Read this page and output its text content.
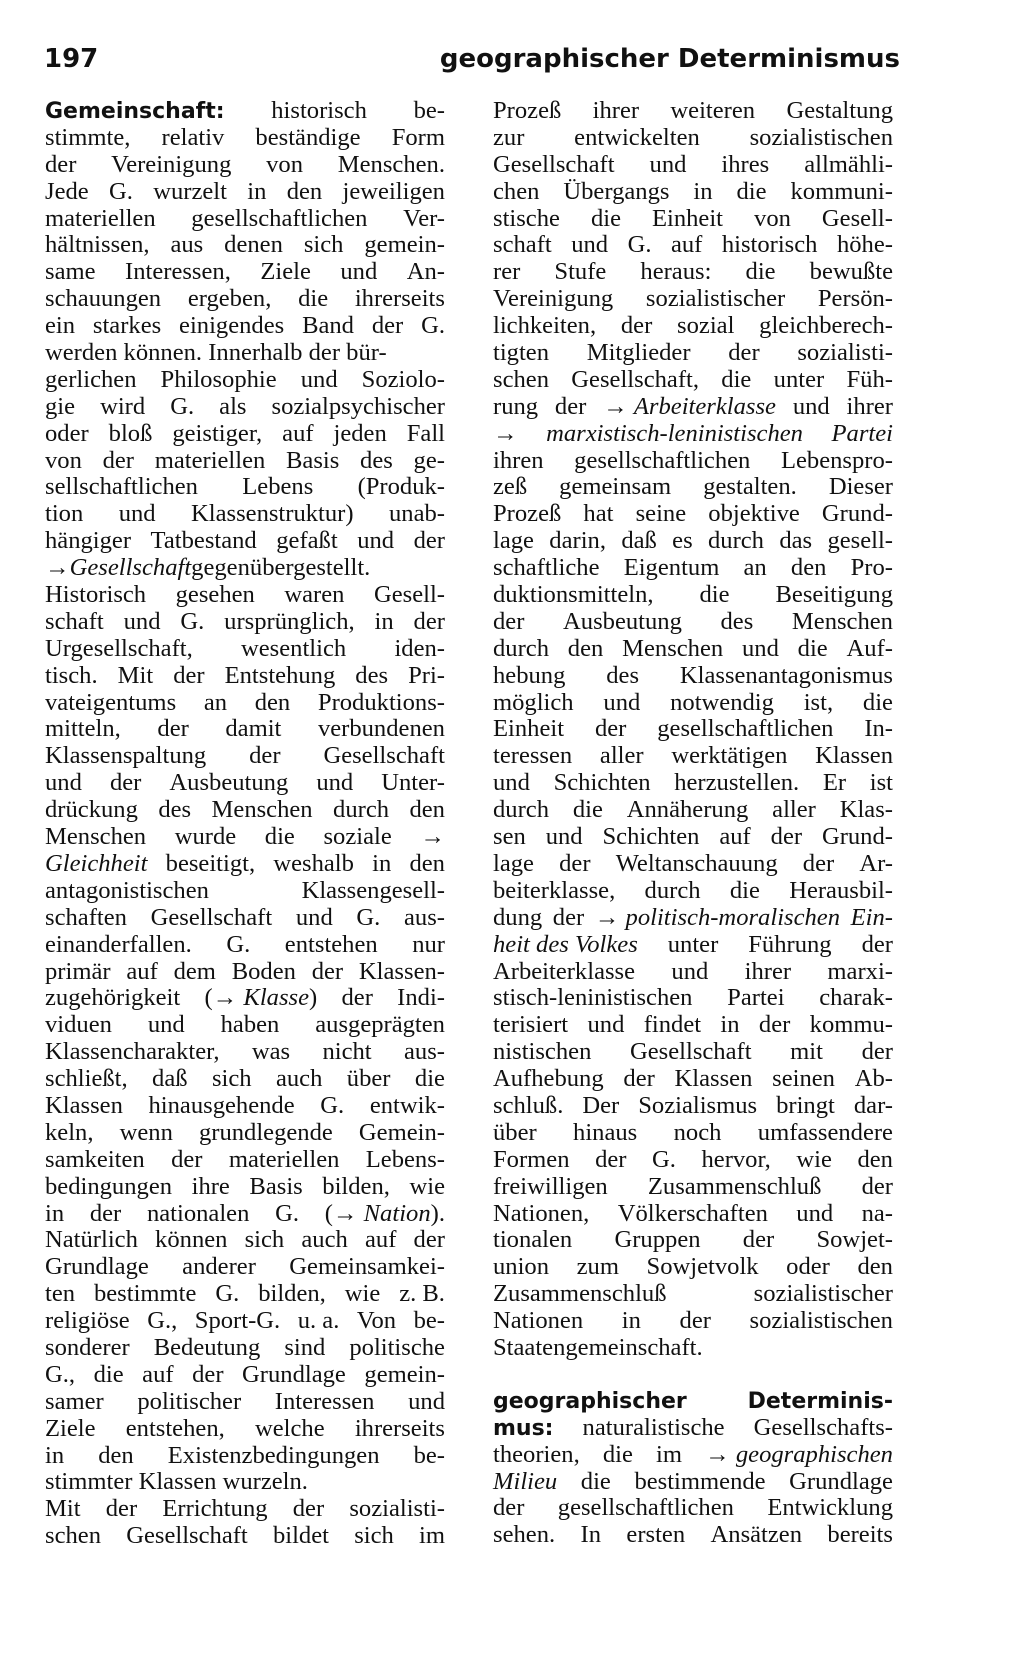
197	geographischer Determinismus
Gemeinschaft: historisch be-
stimmte, relativ beständige Form
der Vereinigung von Menschen.
Jede G. wurzelt in den jeweiligen
materiellen gesellschaftlichen Ver-
hältnissen, aus denen sich gemein-
same Interessen, Ziele und An-
schauungen ergeben, die ihrerseits
ein starkes einigendes Band der G.
werden können. Innerhalb der bür-
gerlichen Philosophie und Soziolo-
gie wird G. als sozialpsychischer
oder bloß geistiger, auf jeden Fall
von der materiellen Basis des ge-
sellschaftlichen Lebens (Produk-
tion und Klassenstruktur) unab-
hängiger Tatbestand gefaßt und der
→ Gesellschaft gegenübergestellt.
Historisch gesehen waren Gesell-
schaft und G. ursprünglich, in der
Urgesellschaft, wesentlich iden-
tisch. Mit der Entstehung des Pri-
vateigentums an den Produktions-
mitteln, der damit verbundenen
Klassenspaltung der Gesellschaft
und der Ausbeutung und Unter-
drückung des Menschen durch den
Menschen wurde die soziale →
Gleichheit beseitigt, weshalb in den
antagonistischen	Klassengesell-
schaften Gesellschaft und G. aus-
einanderfallen. G. entstehen nur
primär auf dem Boden der Klassen-
zugehörigkeit (→ Klasse) der Indi-
viduen und haben ausgeprägten
Klassencharakter, was nicht aus-
schließt, daß sich auch über die
Klassen hinausgehende G. entwik-
keln, wenn grundlegende Gemein-
samkeiten der materiellen Lebens-
bedingungen ihre Basis bilden, wie
in der nationalen G. (→ Nation).
Natürlich können sich auch auf der
Grundlage anderer Gemeinsamkei-
ten bestimmte G. bilden, wie z. B.
religiöse G., Sport-G. u. a. Von be-
sonderer Bedeutung sind politische
G., die auf der Grundlage gemein-
samer politischer Interessen und
Ziele entstehen, welche ihrerseits
in den Existenzbedingungen be-
stimmter Klassen wurzeln.
Mit der Errichtung der sozialisti-
schen Gesellschaft bildet sich im
Prozeß ihrer weiteren Gestaltung
zur entwickelten sozialistischen
Gesellschaft und ihres allmähli-
chen Übergangs in die kommuni-
stische die Einheit von Gesell-
schaft und G. auf historisch höhe-
rer Stufe heraus: die bewußte
Vereinigung sozialistischer Persön-
lichkeiten, der sozial gleichberech-
tigten Mitglieder der sozialisti-
schen Gesellschaft, die unter Füh-
rung der → Arbeiterklasse und ihrer
→ marxistisch-leninistischen Partei
ihren gesellschaftlichen Lebenspro-
zeß gemeinsam gestalten. Dieser
Prozeß hat seine objektive Grund-
lage darin, daß es durch das gesell-
schaftliche Eigentum an den Pro-
duktionsmitteln, die Beseitigung
der Ausbeutung des Menschen
durch den Menschen und die Auf-
hebung des Klassenantagonismus
möglich und notwendig ist, die
Einheit der gesellschaftlichen In-
teressen aller werktätigen Klassen
und Schichten herzustellen. Er ist
durch die Annäherung aller Klas-
sen und Schichten auf der Grund-
lage der Weltanschauung der Ar-
beiterklasse, durch die Herausbil-
dung der → politisch-moralischen Ein-
heit des Volkes unter Führung der
Arbeiterklasse und ihrer marxi-
stisch-leninistischen Partei charak-
terisiert und findet in der kommu-
nistischen Gesellschaft mit der
Aufhebung der Klassen seinen Ab-
schluß. Der Sozialismus bringt dar-
über hinaus noch umfassendere
Formen der G. hervor, wie den
freiwilligen Zusammenschluß der
Nationen, Völkerschaften und na-
tionalen Gruppen der Sowjet-
union zum Sowjetvolk oder den
Zusammenschluß	sozialistischer
Nationen in der sozialistischen
Staatengemeinschaft.
geographischer	Determinis-
mus: naturalistische Gesellschafts-
theorien, die im → geographischen
Milieu die bestimmende Grundlage
der gesellschaftlichen Entwicklung
sehen. In ersten Ansätzen bereits
